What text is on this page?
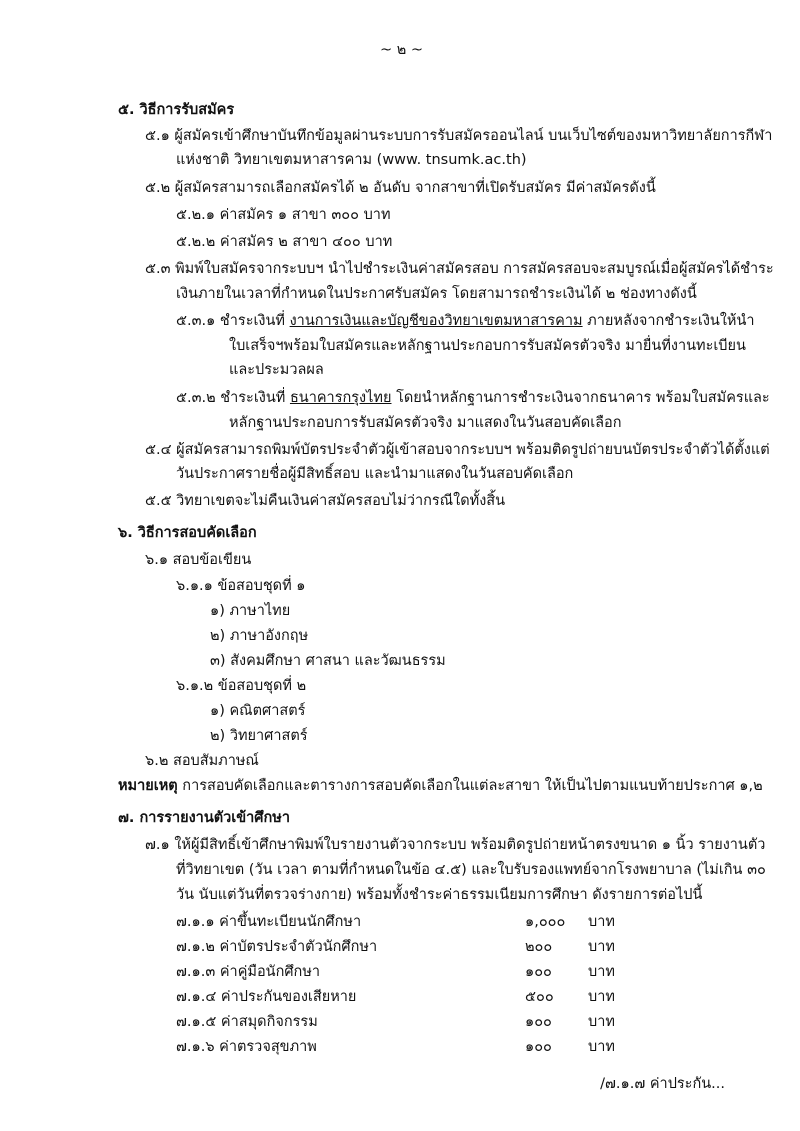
~ ๒ ~
๕. วิธีการรับสมัคร
๕.๑ ผู้สมัครเข้าศึกษาบันทึกข้อมูลผ่านระบบการรับสมัครออนไลน์ บนเว็บไซต์ของมหาวิทยาลัยการกีฬา
แห่งชาติ วิทยาเขตมหาสารคาม (www. tnsumk.ac.th)
๕.๒ ผู้สมัครสามารถเลือกสมัครได้ ๒ อันดับ จากสาขาที่เปิดรับสมัคร มีค่าสมัครดังนี้
๕.๒.๑ ค่าสมัคร ๑ สาขา ๓๐๐ บาท
๕.๒.๒ ค่าสมัคร ๒ สาขา ๔๐๐ บาท
๕.๓ พิมพ์ใบสมัครจากระบบฯ นำไปชำระเงินค่าสมัครสอบ การสมัครสอบจะสมบูรณ์เมื่อผู้สมัครได้ชำระ
เงินภายในเวลาที่กำหนดในประกาศรับสมัคร โดยสามารถชำระเงินได้ ๒ ช่องทางดังนี้
๕.๓.๑ ชำระเงินที่ งานการเงินและบัญชีของวิทยาเขตมหาสารคาม ภายหลังจากชำระเงินให้นำ
ใบเสร็จฯพร้อมใบสมัครและหลักฐานประกอบการรับสมัครตัวจริง มายื่นที่งานทะเบียน
และประมวลผล
๕.๓.๒ ชำระเงินที่ ธนาคารกรุงไทย โดยนำหลักฐานการชำระเงินจากธนาคาร พร้อมใบสมัครและ
หลักฐานประกอบการรับสมัครตัวจริง มาแสดงในวันสอบคัดเลือก
๕.๔ ผู้สมัครสามารถพิมพ์บัตรประจำตัวผู้เข้าสอบจากระบบฯ พร้อมติดรูปถ่ายบนบัตรประจำตัวได้ตั้งแต่
วันประกาศรายชื่อผู้มีสิทธิ์สอบ และนำมาแสดงในวันสอบคัดเลือก
๕.๕ วิทยาเขตจะไม่คืนเงินค่าสมัครสอบไม่ว่ากรณีใดทั้งสิ้น
๖. วิธีการสอบคัดเลือก
๖.๑ สอบข้อเขียน
๖.๑.๑ ข้อสอบชุดที่ ๑
๑) ภาษาไทย
๒) ภาษาอังกฤษ
๓) สังคมศึกษา ศาสนา และวัฒนธรรม
๖.๑.๒ ข้อสอบชุดที่ ๒
๑) คณิตศาสตร์
๒) วิทยาศาสตร์
๖.๒ สอบสัมภาษณ์
หมายเหตุ การสอบคัดเลือกและตารางการสอบคัดเลือกในแต่ละสาขา ให้เป็นไปตามแนบท้ายประกาศ ๑,๒
๗. การรายงานตัวเข้าศึกษา
๗.๑ ให้ผู้มีสิทธิ์เข้าศึกษาพิมพ์ใบรายงานตัวจากระบบ พร้อมติดรูปถ่ายหน้าตรงขนาด ๑ นิ้ว รายงานตัว
ที่วิทยาเขต (วัน เวลา ตามที่กำหนดในข้อ ๔.๕) และใบรับรองแพทย์จากโรงพยาบาล (ไม่เกิน ๓๐
วัน นับแต่วันที่ตรวจร่างกาย) พร้อมทั้งชำระค่าธรรมเนียมการศึกษา ดังรายการต่อไปนี้
๗.๑.๑ ค่าขึ้นทะเบียนนักศึกษา	๑,๐๐๐ บาท
๗.๑.๒ ค่าบัตรประจำตัวนักศึกษา	๒๐๐ บาท
๗.๑.๓ ค่าคู่มือนักศึกษา	๑๐๐ บาท
๗.๑.๔ ค่าประกันของเสียหาย	๕๐๐ บาท
๗.๑.๕ ค่าสมุดกิจกรรม	๑๐๐ บาท
๗.๑.๖ ค่าตรวจสุขภาพ	๑๐๐ บาท
/๗.๑.๗ ค่าประกัน...
